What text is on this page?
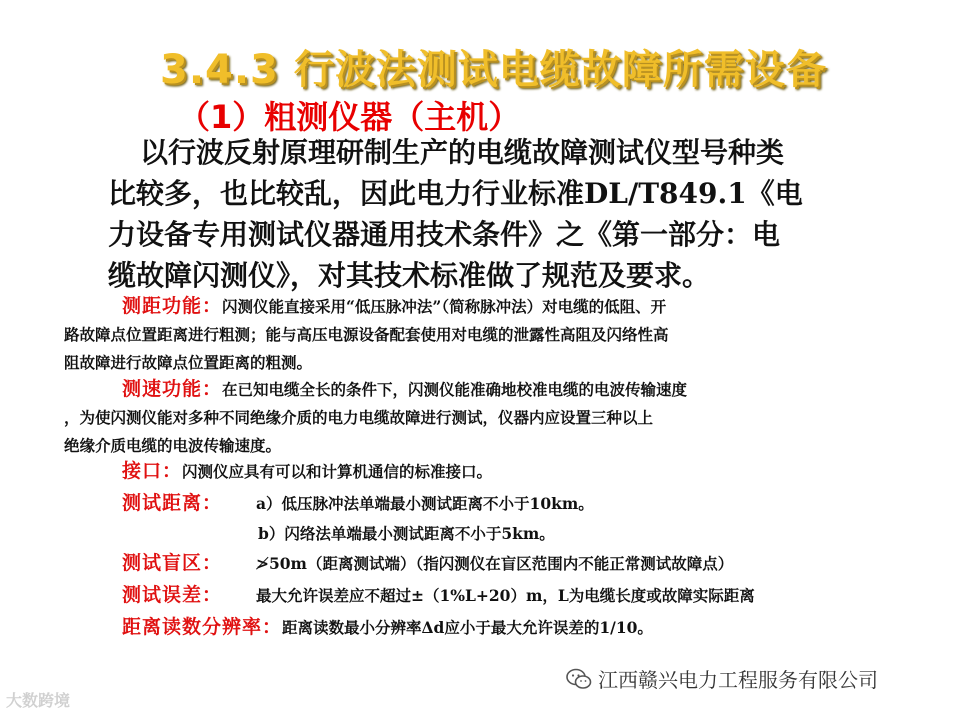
3.4.3 行波法测试电缆故障所需设备
（1）粗测仪器（主机）
以行波反射原理研制生产的电缆故障测试仪型号种类
比较多，也比较乱，因此电力行业标准DL/T849.1《电
力设备专用测试仪器通用技术条件》之《第一部分：电
缆故障闪测仪》，对其技术标准做了规范及要求。
测距功能：闪测仪能直接采用“低压脉冲法”（简称脉冲法）对电缆的低阻、开
路故障点位置距离进行粗测；能与高压电源设备配套使用对电缆的泄露性高阻及闪络性高
阻故障进行故障点位置距离的粗测。
测速功能：在已知电缆全长的条件下，闪测仪能准确地校准电缆的电波传输速度
，为使闪测仪能对多种不同绝缘介质的电力电缆故障进行测试，仪器内应设置三种以上
绝缘介质电缆的电波传输速度。
接口：闪测仪应具有可以和计算机通信的标准接口。
测试距离： a）低压脉冲法单端最小测试距离不小于10km。
b）闪络法单端最小测试距离不小于5km。
测试盲区： ≯50m（距离测试端）（指闪测仪在盲区范围内不能正常测试故障点）
测试误差： 最大允许误差应不超过±（1%L+20）m，L为电缆长度或故障实际距离
距离读数分辨率：距离读数最小分辨率Δd应小于最大允许误差的1/10。
大数跨境
江西赣兴电力工程服务有限公司
